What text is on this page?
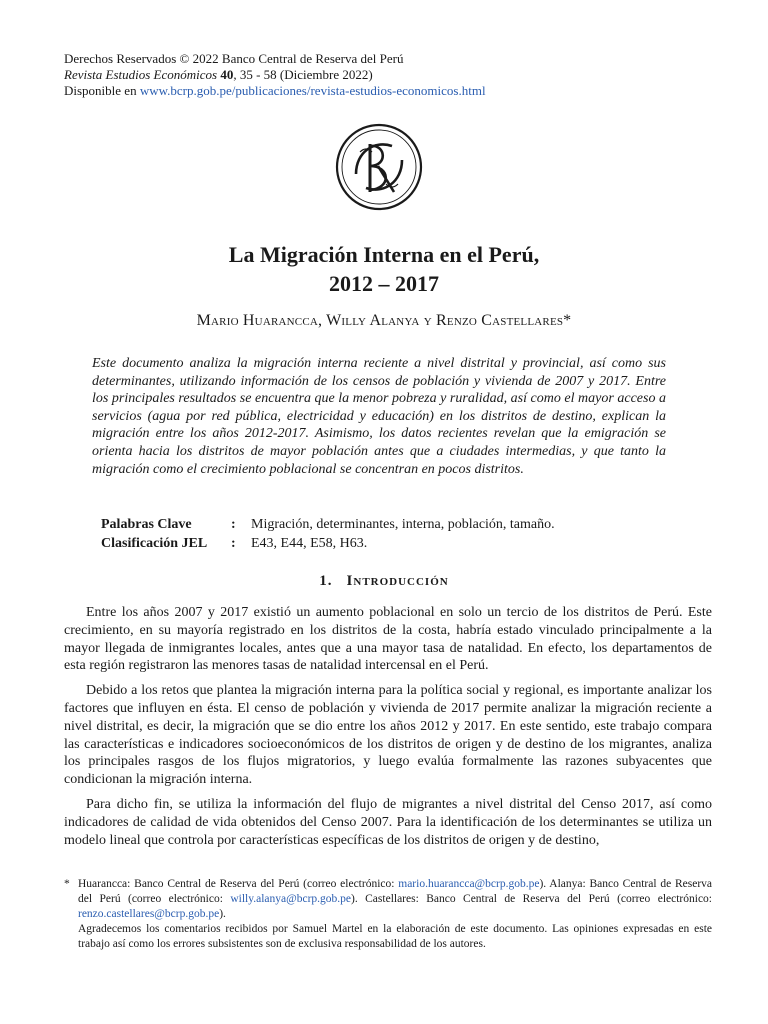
Derechos Reservados © 2022 Banco Central de Reserva del Perú
Revista Estudios Económicos 40, 35 - 58 (Diciembre 2022)
Disponible en www.bcrp.gob.pe/publicaciones/revista-estudios-economicos.html
La Migración Interna en el Perú,
2012 – 2017
Mario Huarancca, Willy Alanya y Renzo Castellares*
Este documento analiza la migración interna reciente a nivel distrital y provincial, así como sus determinantes, utilizando información de los censos de población y vivienda de 2007 y 2017. Entre los principales resultados se encuentra que la menor pobreza y ruralidad, así como el mayor acceso a servicios (agua por red pública, electricidad y educación) en los distritos de destino, explican la migración entre los años 2012-2017. Asimismo, los datos recientes revelan que la emigración se orienta hacia los distritos de mayor población antes que a ciudades intermedias, y que tanto la migración como el crecimiento poblacional se concentran en pocos distritos.
Palabras Clave	:	Migración, determinantes, interna, población, tamaño.
Clasificación JEL	:	E43, E44, E58, H63.
1. Introducción

Entre los años 2007 y 2017 existió un aumento poblacional en solo un tercio de los distritos de Perú. Este crecimiento, en su mayoría registrado en los distritos de la costa, habría estado vinculado principalmente a la mayor llegada de inmigrantes locales, antes que a una mayor tasa de natalidad. En efecto, los departamentos de esta región registraron las menores tasas de natalidad intercensal en el Perú.

Debido a los retos que plantea la migración interna para la política social y regional, es importante analizar los factores que influyen en ésta. El censo de población y vivienda de 2017 permite analizar la migración reciente a nivel distrital, es decir, la migración que se dio entre los años 2012 y 2017. En este sentido, este trabajo compara las características e indicadores socioeconómicos de los distritos de origen y de destino de los migrantes, analiza los principales rasgos de los flujos migratorios, y luego evalúa formalmente las razones subyacentes que condicionan la migración interna.

Para dicho fin, se utiliza la información del flujo de migrantes a nivel distrital del Censo 2017, así como indicadores de calidad de vida obtenidos del Censo 2007. Para la identificación de los determinantes se utiliza un modelo lineal que controla por características específicas de los distritos de origen y de destino,

* Huarancca: Banco Central de Reserva del Perú (correo electrónico: mario.huarancca@bcrp.gob.pe). Alanya: Banco Central de Reserva del Perú (correo electrónico: willy.alanya@bcrp.gob.pe). Castellares: Banco Central de Reserva del Perú (correo electrónico: renzo.castellares@bcrp.gob.pe).
Agradecemos los comentarios recibidos por Samuel Martel en la elaboración de este documento. Las opiniones expresadas en este trabajo así como los errores subsistentes son de exclusiva responsabilidad de los autores.
